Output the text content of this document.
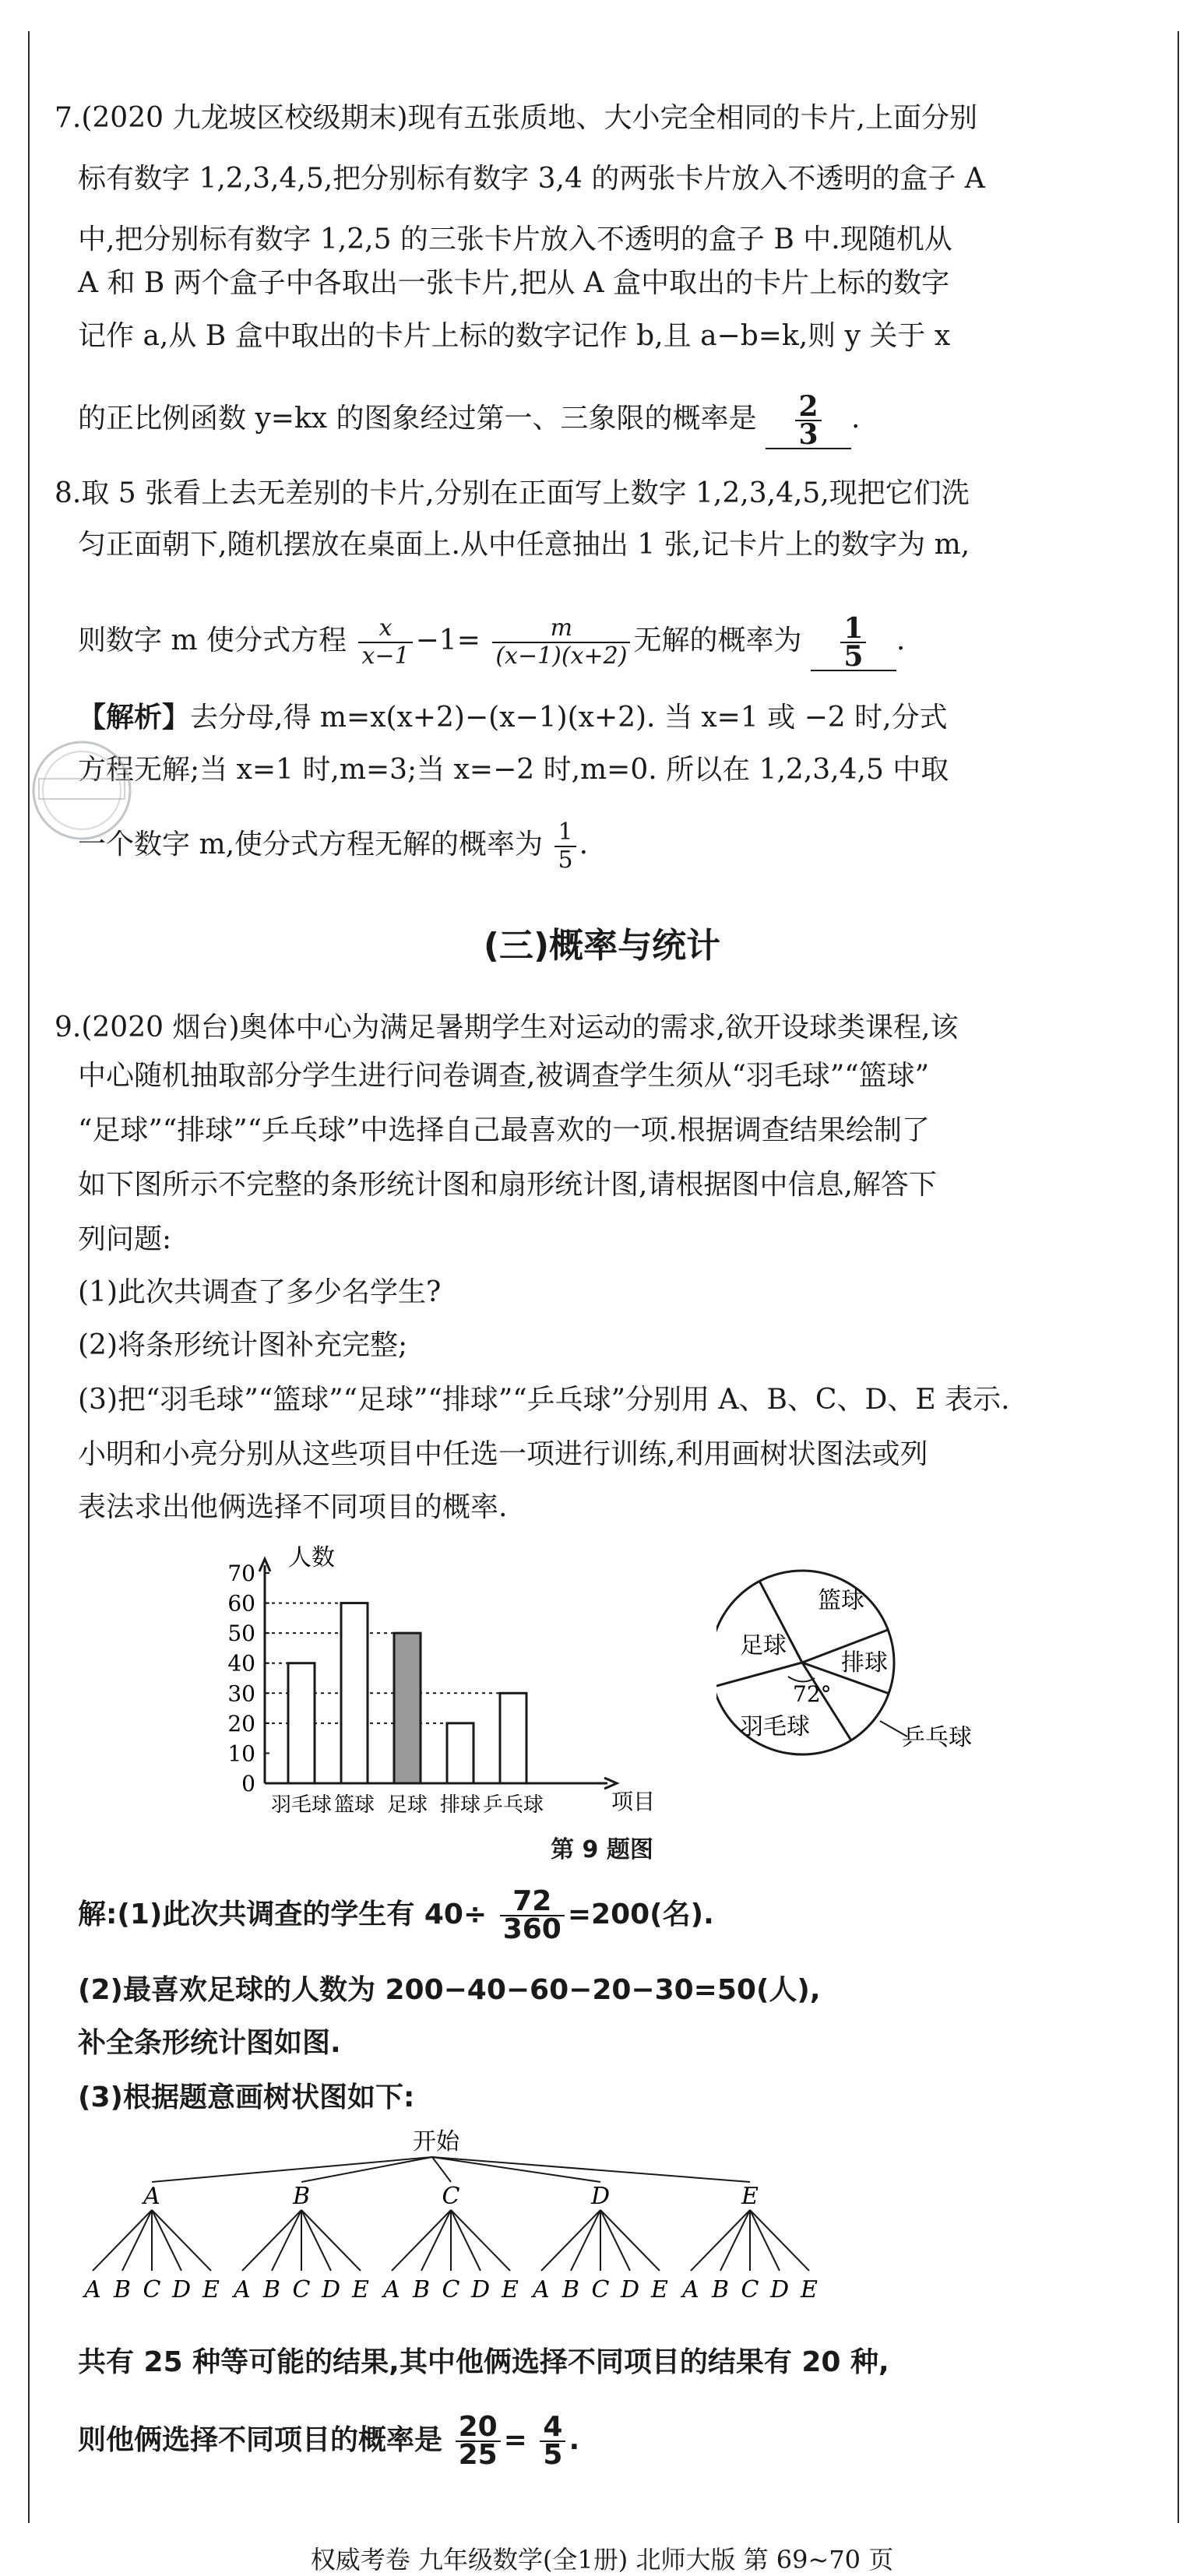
7.(2020 九龙坡区校级期末)现有五张质地、大小完全相同的卡片,上面分别
标有数字 1,2,3,4,5,把分别标有数字 3,4 的两张卡片放入不透明的盒子 A
中,把分别标有数字 1,2,5 的三张卡片放入不透明的盒子 B 中.现随机从
A 和 B 两个盒子中各取出一张卡片,把从 A 盒中取出的卡片上标的数字
记作 a,从 B 盒中取出的卡片上标的数字记作 b,且 a−b=k,则 y 关于 x
的正比例函数 y=kx 的图象经过第一、三象限的概率是 $\frac{2}{3}$ .
8.取 5 张看上去无差别的卡片,分别在正面写上数字 1,2,3,4,5,现把它们洗
匀正面朝下,随机摆放在桌面上.从中任意抽出 1 张,记卡片上的数字为 m,
则数字 m 使分式方程 $\frac{x}{x-1} -1= \frac{m}{(x-1)(x+2)}$ 无解的概率为 $\frac{1}{5}$ .
【解析】去分母,得 m=x(x+2)−(x−1)(x+2). 当 x=1 或 −2 时,分式
方程无解;当 x=1 时,m=3;当 x=−2 时,m=0. 所以在 1,2,3,4,5 中取
一个数字 m,使分式方程无解的概率为 $\frac{1}{5}$ .
(三)概率与统计
9.(2020 烟台)奥体中心为满足暑期学生对运动的需求,欲开设球类课程,该
中心随机抽取部分学生进行问卷调查,被调查学生须从“羽毛球”“篮球”
“足球”“排球”“乒乓球”中选择自己最喜欢的一项.根据调查结果绘制了
如下图所示不完整的条形统计图和扇形统计图,请根据图中信息,解答下
列问题:
(1)此次共调查了多少名学生?
(2)将条形统计图补充完整;
(3)把“羽毛球”“篮球”“足球”“排球”“乒乓球”分别用 A、B、C、D、E 表示.
小明和小亮分别从这些项目中任选一项进行训练,利用画树状图法或列
表法求出他俩选择不同项目的概率.
0
10
20
30
40
50
60
70
羽毛球 篮球 足球 排球 乒乓球
人数
项目
篮球
足球
排球
羽毛球
72°
乒乓球
第 9 题图
解:(1)此次共调查的学生有 $40\div \frac{72}{360} =200$(名).
(2)最喜欢足球的人数为 200−40−60−20−30=50(人),
补全条形统计图如图.
(3)根据题意画树状图如下:
开始
A
A B C D E
B
A B C D E
C
A B C D E
D
A B C D E
E
A B C D E
共有 25 种等可能的结果,其中他俩选择不同项目的结果有 20 种,
则他俩选择不同项目的概率是 $\frac{20}{25} = \frac{4}{5}$ .
权威考卷 九年级数学(全1册) 北师大版 第 69~70 页
